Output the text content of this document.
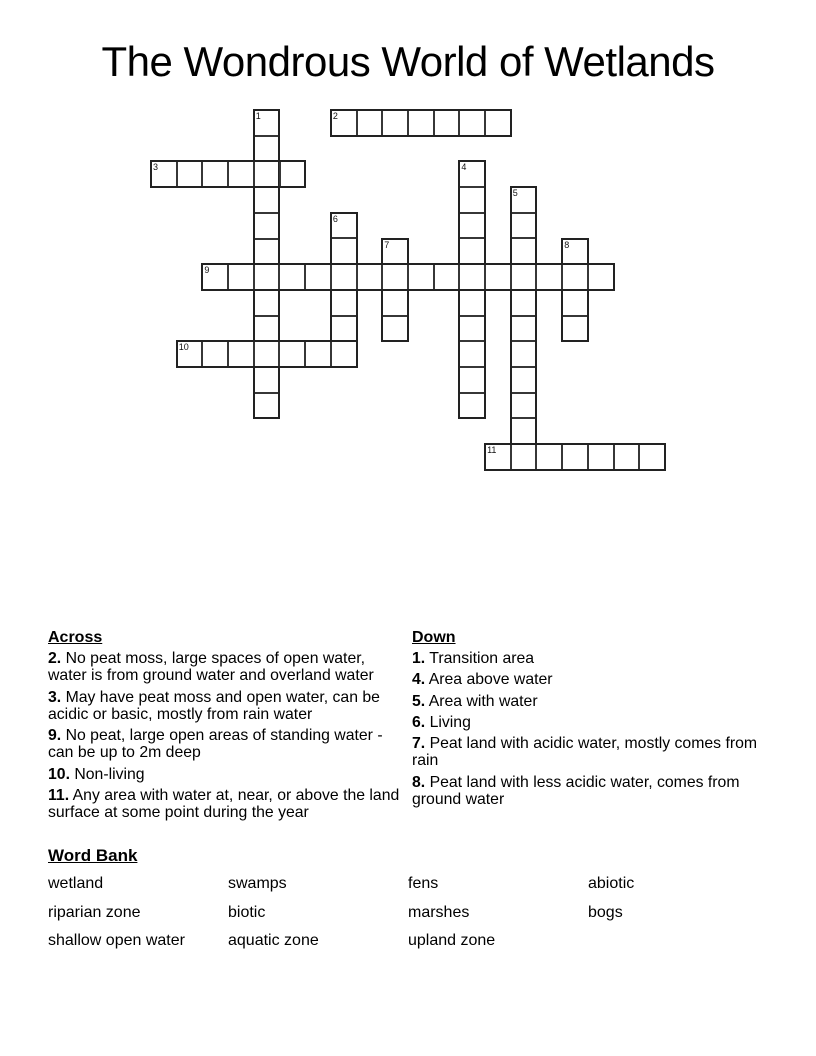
The Wondrous World of Wetlands
1	2
3	4
5
6
7	8
9
10
11
Across
2. No peat moss, large spaces of open water, water is from ground water and overland water
3. May have peat moss and open water, can be acidic or basic, mostly from rain water
9. No peat, large open areas of standing water - can be up to 2m deep
10. Non-living
11. Any area with water at, near, or above the land surface at some point during the year
Down
1. Transition area
4. Area above water
5. Area with water
6. Living
7. Peat land with acidic water, mostly comes from rain
8. Peat land with less acidic water, comes from ground water
Word Bank
wetland	swamps	fens	abiotic
riparian zone	biotic	marshes	bogs
shallow open water	aquatic zone	upland zone
